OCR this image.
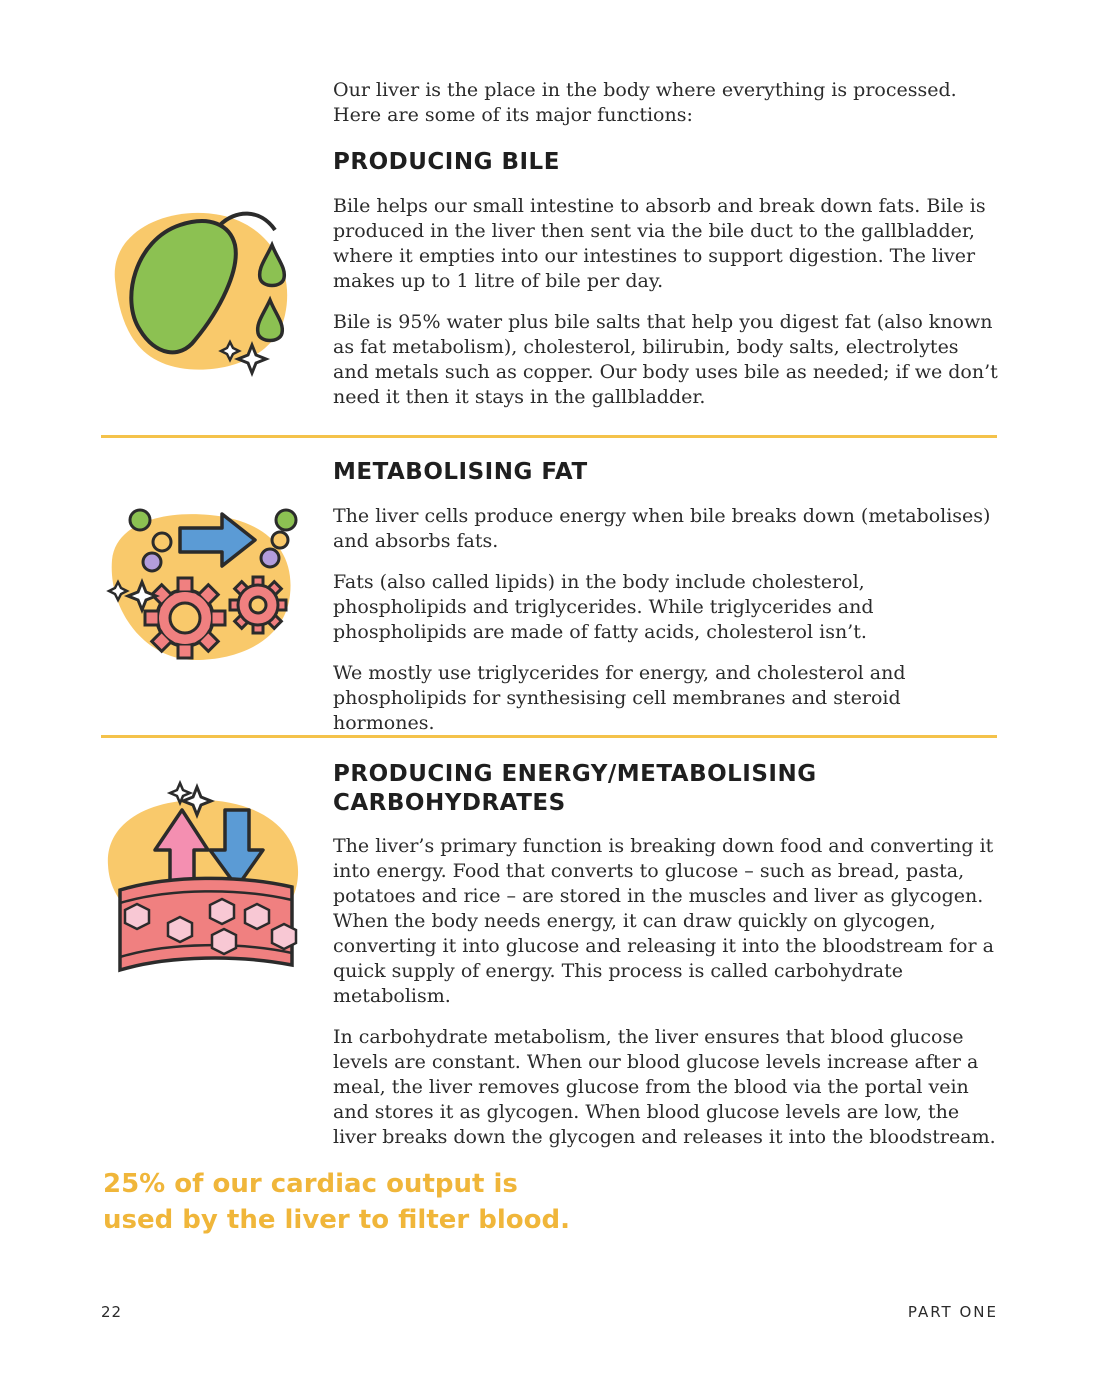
Our liver is the place in the body where everything is processed. Here are some of its major functions:

PRODUCING BILE

Bile helps our small intestine to absorb and break down fats. Bile is produced in the liver then sent via the bile duct to the gallbladder, where it empties into our intestines to support digestion. The liver makes up to 1 litre of bile per day.

Bile is 95% water plus bile salts that help you digest fat (also known as fat metabolism), cholesterol, bilirubin, body salts, electrolytes and metals such as copper. Our body uses bile as needed; if we don’t need it then it stays in the gallbladder.

METABOLISING FAT

The liver cells produce energy when bile breaks down (metabolises) and absorbs fats.

Fats (also called lipids) in the body include cholesterol, phospholipids and triglycerides. While triglycerides and phospholipids are made of fatty acids, cholesterol isn’t.

We mostly use triglycerides for energy, and cholesterol and phospholipids for synthesising cell membranes and steroid hormones.

PRODUCING ENERGY/METABOLISING CARBOHYDRATES

The liver’s primary function is breaking down food and converting it into energy. Food that converts to glucose – such as bread, pasta, potatoes and rice – are stored in the muscles and liver as glycogen. When the body needs energy, it can draw quickly on glycogen, converting it into glucose and releasing it into the bloodstream for a quick supply of energy. This process is called carbohydrate metabolism.

In carbohydrate metabolism, the liver ensures that blood glucose levels are constant. When our blood glucose levels increase after a meal, the liver removes glucose from the blood via the portal vein and stores it as glycogen. When blood glucose levels are low, the liver breaks down the glycogen and releases it into the bloodstream.

25% of our cardiac output is used by the liver to filter blood.

22	PART ONE
